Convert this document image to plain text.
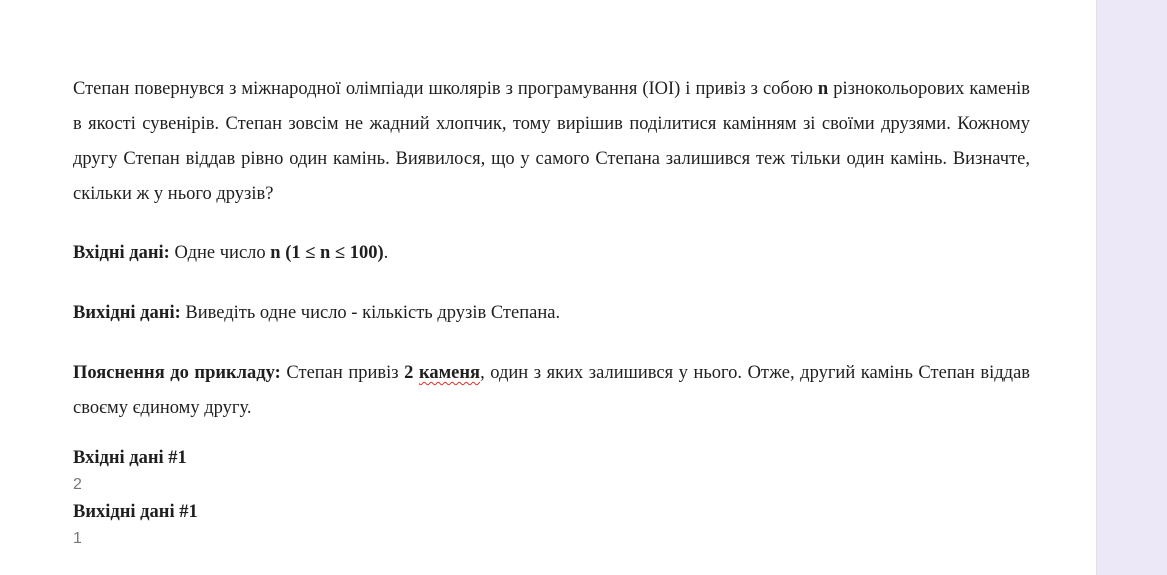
Степан повернувся з міжнародної олімпіади школярів з програмування (IOI) і привіз з собою n різнокольорових каменів в якості сувенірів. Степан зовсім не жадний хлопчик, тому вирішив поділитися камінням зі своїми друзями. Кожному другу Степан віддав рівно один камінь. Виявилося, що у самого Степана залишився теж тільки один камінь. Визначте, скільки ж у нього друзів?

Вхідні дані: Одне число n (1 ≤ n ≤ 100).

Вихідні дані: Виведіть одне число - кількість друзів Степана.

Пояснення до прикладу: Степан привіз 2 каменя, один з яких залишився у нього. Отже, другий камінь Степан віддав своєму єдиному другу.

Вхідні дані #1

2

Вихідні дані #1

1
